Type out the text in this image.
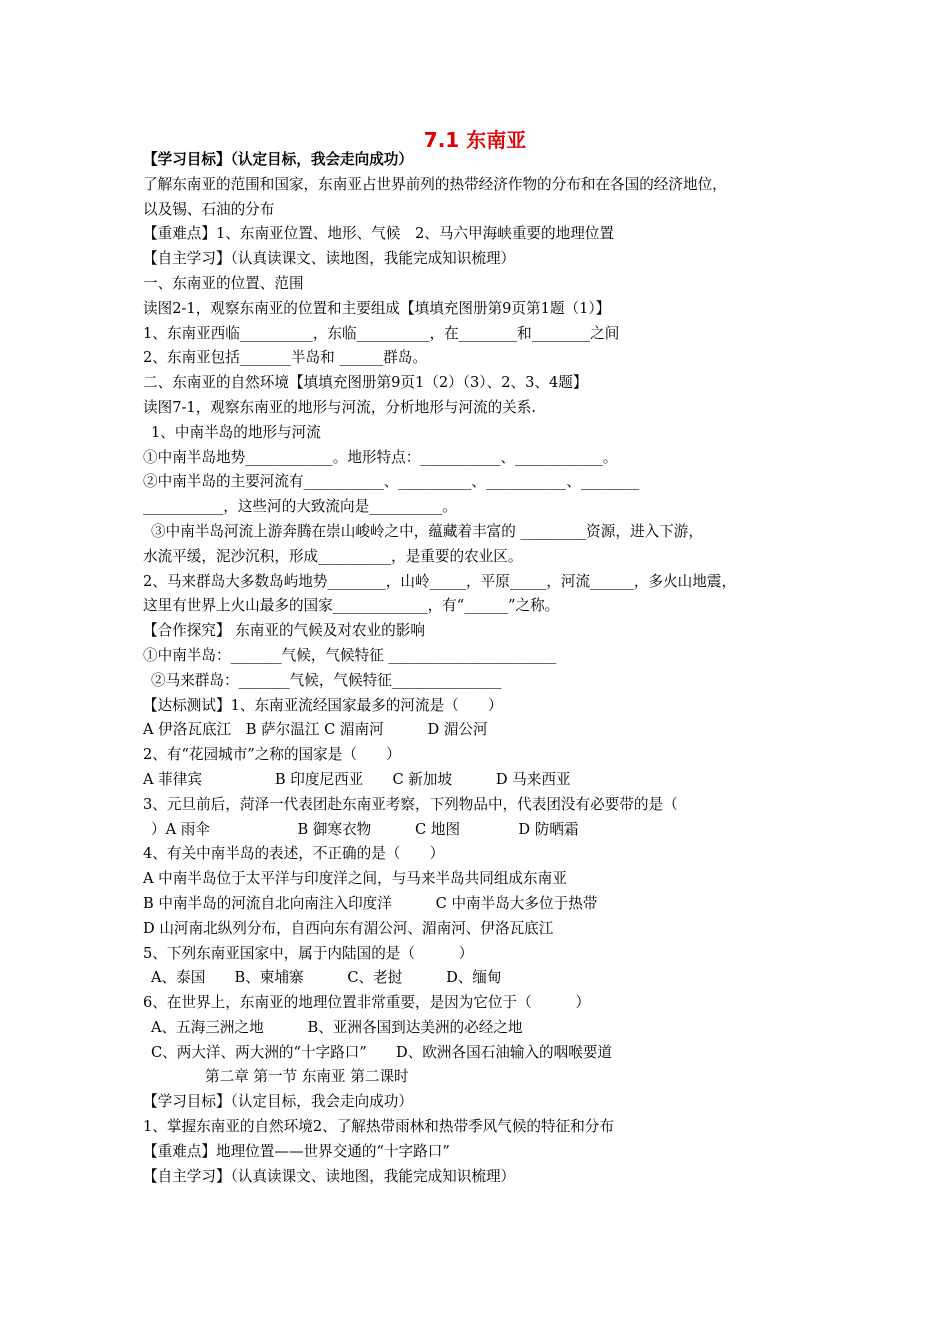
7.1 东南亚
【学习目标】（认定目标，我会走向成功）
了解东南亚的范围和国家，东南亚占世界前列的热带经济作物的分布和在各国的经济地位，
以及锡、石油的分布
【重难点】1、东南亚位置、地形、气候　2、马六甲海峡重要的地理位置
【自主学习】（认真读课文、读地图，我能完成知识梳理）
一、东南亚的位置、范围
读图2-1，观察东南亚的位置和主要组成【填填充图册第9页第1题（1）】
1、东南亚西临__________，东临__________，在________和________之间
2、东南亚包括_______半岛和 ______群岛。
二、东南亚的自然环境【填填充图册第9页1（2）（3）、2、3、4题】
读图7-1，观察东南亚的地形与河流，分析地形与河流的关系.
1、中南半岛的地形与河流
①中南半岛地势____________。地形特点：___________、____________。
②中南半岛的主要河流有___________、__________、___________、________
___________，这些河的大致流向是__________。
③中南半岛河流上游奔腾在崇山峻岭之中，蕴藏着丰富的 _________资源，进入下游，
水流平缓，泥沙沉积，形成__________，是重要的农业区。
2、马来群岛大多数岛屿地势________，山岭_____，平原_____，河流______，多火山地震，
这里有世界上火山最多的国家_____________，有“______”之称。
【合作探究】 东南亚的气候及对农业的影响
①中南半岛：_______气候，气候特征 _______________________
②马来群岛：_______气候，气候特征_______________
【达标测试】1、东南亚流经国家最多的河流是（　　）
A 伊洛瓦底江　B 萨尔温江 C 湄南河　　　D 湄公河
2、有“花园城市”之称的国家是（　　）
A 菲律宾　　　　　B 印度尼西亚　　C 新加坡　　　D 马来西亚
3、元旦前后，菏泽一代表团赴东南亚考察，下列物品中，代表团没有必要带的是（
）A 雨伞　　　　　　B 御寒衣物　　　C 地图　　　　D 防晒霜
4、有关中南半岛的表述，不正确的是（　　）
A 中南半岛位于太平洋与印度洋之间，与马来半岛共同组成东南亚
B 中南半岛的河流自北向南注入印度洋　　　C 中南半岛大多位于热带
D 山河南北纵列分布，自西向东有湄公河、湄南河、伊洛瓦底江
5、下列东南亚国家中，属于内陆国的是（　　　）
A、泰国　　B、柬埔寨　　　C、老挝　　　D、缅甸
6、在世界上，东南亚的地理位置非常重要，是因为它位于（　　　）
A、五海三洲之地　　　B、亚洲各国到达美洲的必经之地
C、两大洋、两大洲的“十字路口”　　D、欧洲各国石油输入的咽喉要道
第二章 第一节 东南亚 第二课时
【学习目标】（认定目标，我会走向成功）
1、掌握东南亚的自然环境2、了解热带雨林和热带季风气候的特征和分布
【重难点】地理位置——世界交通的“十字路口”
【自主学习】（认真读课文、读地图，我能完成知识梳理）
